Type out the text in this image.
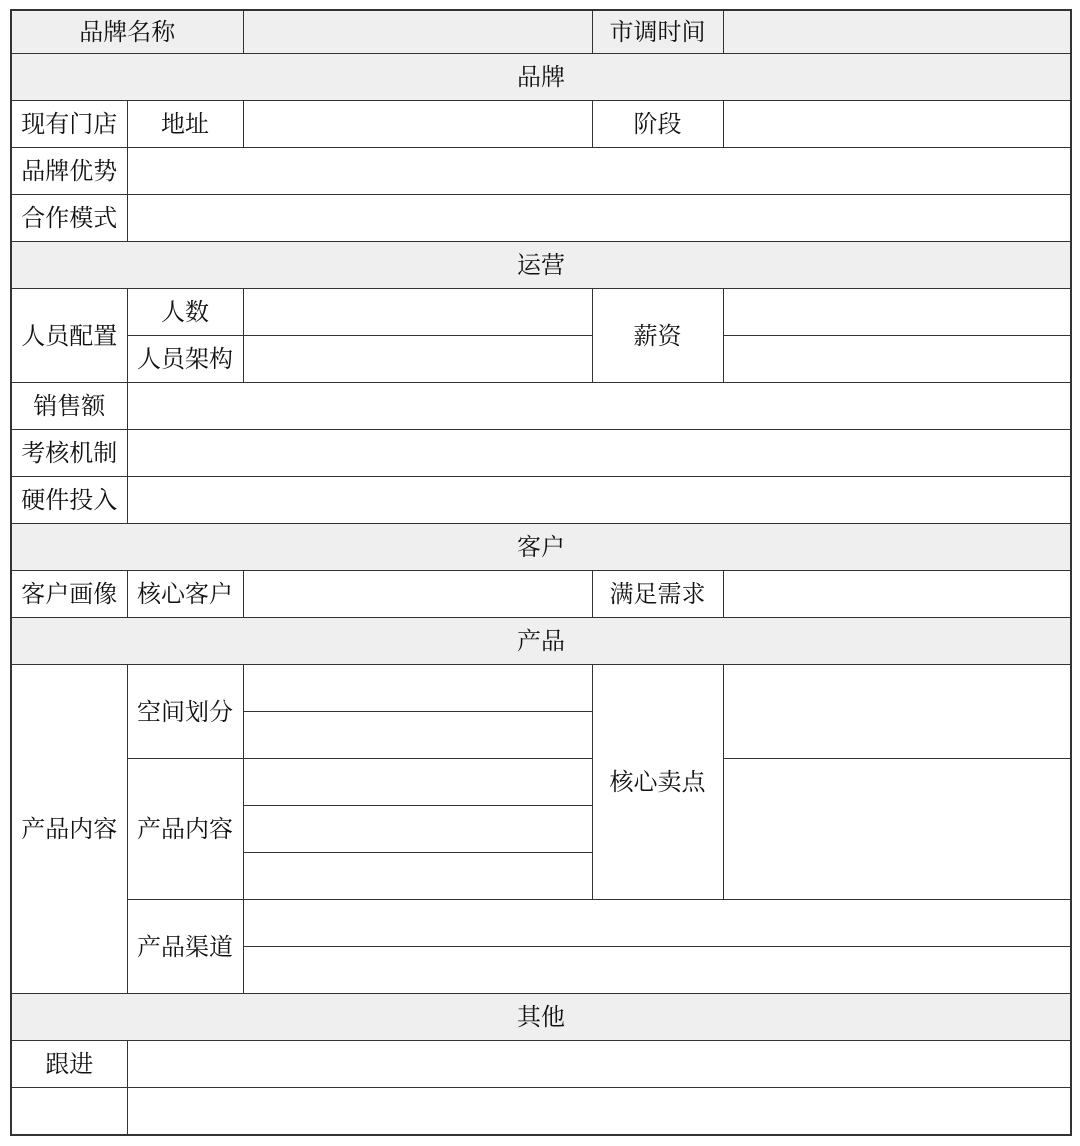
品牌名称			市调时间	
品牌				
现有门店	地址		阶段	
品牌优势				
合作模式				
运营				
人员配置	人数		薪资	
	人员架构			
销售额				
考核机制				
硬件投入				
客户				
客户画像	核心客户		满足需求	
产品				
产品内容	空间划分		核心卖点	

	产品内容			

	产品渠道			

其他				
跟进				
